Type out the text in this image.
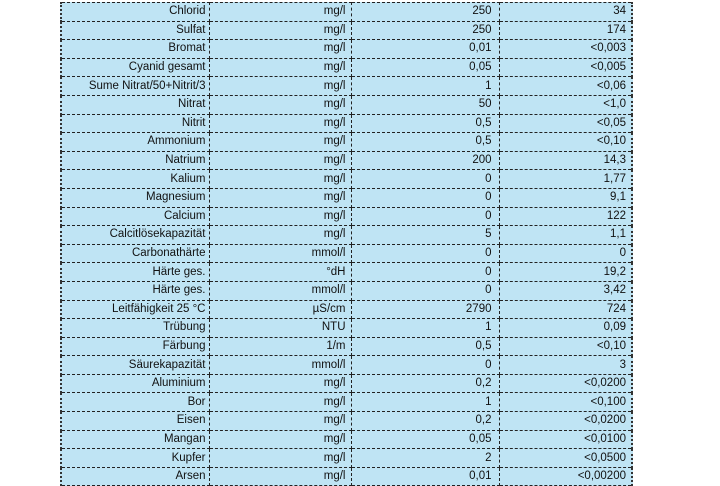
Chlorid	mg/l	250	34
Sulfat	mg/l	250	174
Bromat	mg/l	0,01	<0,003
Cyanid gesamt	mg/l	0,05	<0,005
Sume Nitrat/50+Nitrit/3	mg/l	1	<0,06
Nitrat	mg/l	50	<1,0
Nitrit	mg/l	0,5	<0,05
Ammonium	mg/l	0,5	<0,10
Natrium	mg/l	200	14,3
Kalium	mg/l	0	1,77
Magnesium	mg/l	0	9,1
Calcium	mg/l	0	122
Calcitlösekapazität	mg/l	5	1,1
Carbonathärte	mmol/l	0	0
Härte ges.	°dH	0	19,2
Härte ges.	mmol/l	0	3,42
Leitfähigkeit 25 °C	µS/cm	2790	724
Trübung	NTU	1	0,09
Färbung	1/m	0,5	<0,10
Säurekapazität	mmol/l	0	3
Aluminium	mg/l	0,2	<0,0200
Bor	mg/l	1	<0,100
Eisen	mg/l	0,2	<0,0200
Mangan	mg/l	0,05	<0,0100
Kupfer	mg/l	2	<0,0500
Arsen	mg/l	0,01	<0,00200
